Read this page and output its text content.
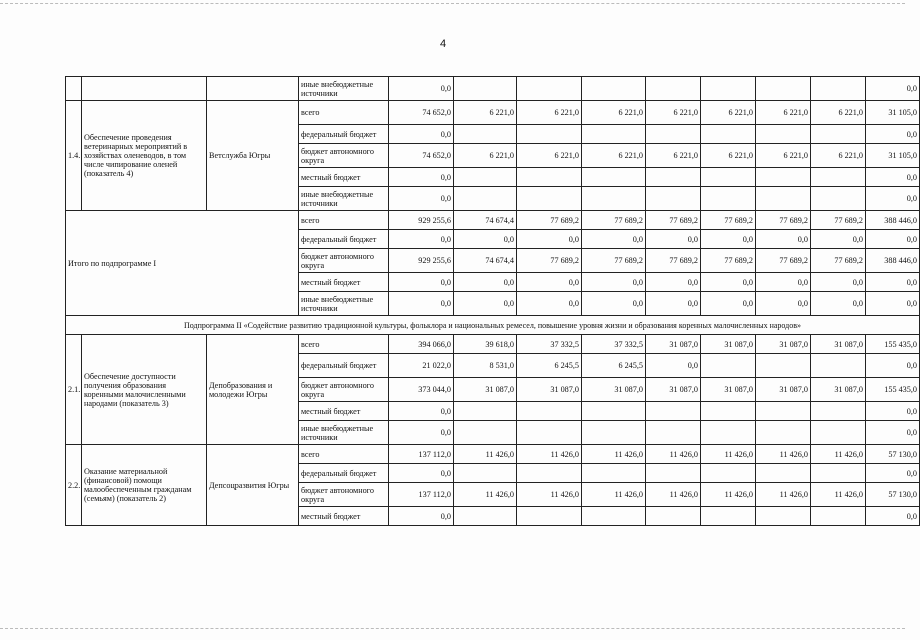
4
			иные внебюджетные источники	0,0								0,0
1.4.	Обеспечение проведения ветеринарных мероприятий в хозяйствах оленеводов, в том числе чипирование оленей (показатель 4)	Ветслужба Югры	всего	74 652,0	6 221,0	6 221,0	6 221,0	6 221,0	6 221,0	6 221,0	6 221,0	31 105,0
			федеральный бюджет	0,0								0,0
			бюджет автономного округа	74 652,0	6 221,0	6 221,0	6 221,0	6 221,0	6 221,0	6 221,0	6 221,0	31 105,0
			местный бюджет	0,0								0,0
			иные внебюджетные источники	0,0								0,0
Итого по подпрограмме I			всего	929 255,6	74 674,4	77 689,2	77 689,2	77 689,2	77 689,2	77 689,2	77 689,2	388 446,0
			федеральный бюджет	0,0	0,0	0,0	0,0	0,0	0,0	0,0	0,0	0,0
			бюджет автономного округа	929 255,6	74 674,4	77 689,2	77 689,2	77 689,2	77 689,2	77 689,2	77 689,2	388 446,0
			местный бюджет	0,0	0,0	0,0	0,0	0,0	0,0	0,0	0,0	0,0
			иные внебюджетные источники	0,0	0,0	0,0	0,0	0,0	0,0	0,0	0,0	0,0
Подпрограмма II «Содействие развитию традиционной культуры, фольклора и национальных ремесел, повышение уровня жизни и образования коренных малочисленных народов»												
2.1.	Обеспечение доступности получения образования коренными малочисленными народами (показатель 3)	Депобразования и молодежи Югры	всего	394 066,0	39 618,0	37 332,5	37 332,5	31 087,0	31 087,0	31 087,0	31 087,0	155 435,0
			федеральный бюджет	21 022,0	8 531,0	6 245,5	6 245,5	0,0				0,0
			бюджет автономного округа	373 044,0	31 087,0	31 087,0	31 087,0	31 087,0	31 087,0	31 087,0	31 087,0	155 435,0
			местный бюджет	0,0								0,0
			иные внебюджетные источники	0,0								0,0
2.2.	Оказание материальной (финансовой) помощи малообеспеченным гражданам (семьям) (показатель 2)	Депсоцразвития Югры	всего	137 112,0	11 426,0	11 426,0	11 426,0	11 426,0	11 426,0	11 426,0	11 426,0	57 130,0
			федеральный бюджет	0,0								0,0
			бюджет автономного округа	137 112,0	11 426,0	11 426,0	11 426,0	11 426,0	11 426,0	11 426,0	11 426,0	57 130,0
			местный бюджет	0,0								0,0
